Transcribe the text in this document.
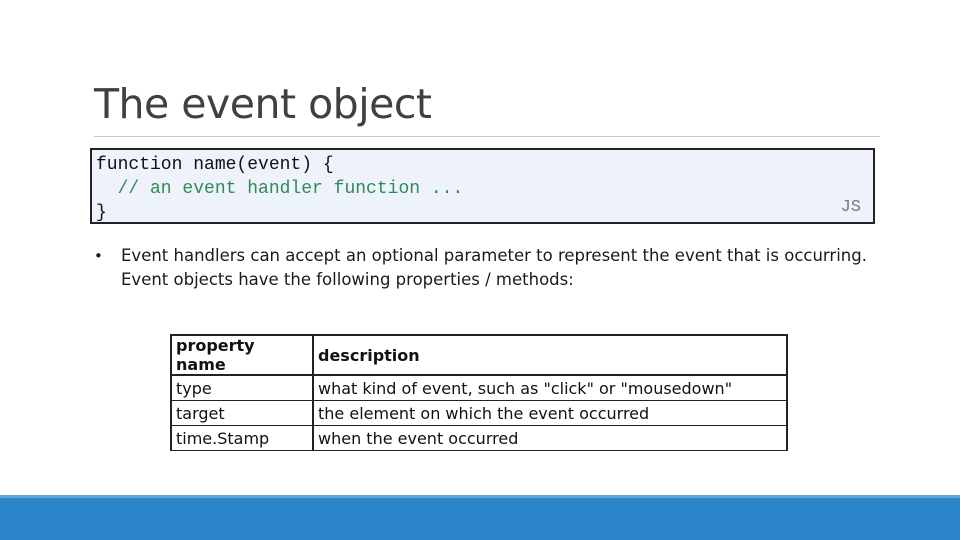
The event object
function name(event) {
// an event handler function ...
}	JS
• Event handlers can accept an optional parameter to represent the event that is occurring. Event objects have the following properties / methods:
property name	description
type	what kind of event, such as "click" or "mousedown"
target	the element on which the event occurred
time.Stamp	when the event occurred
